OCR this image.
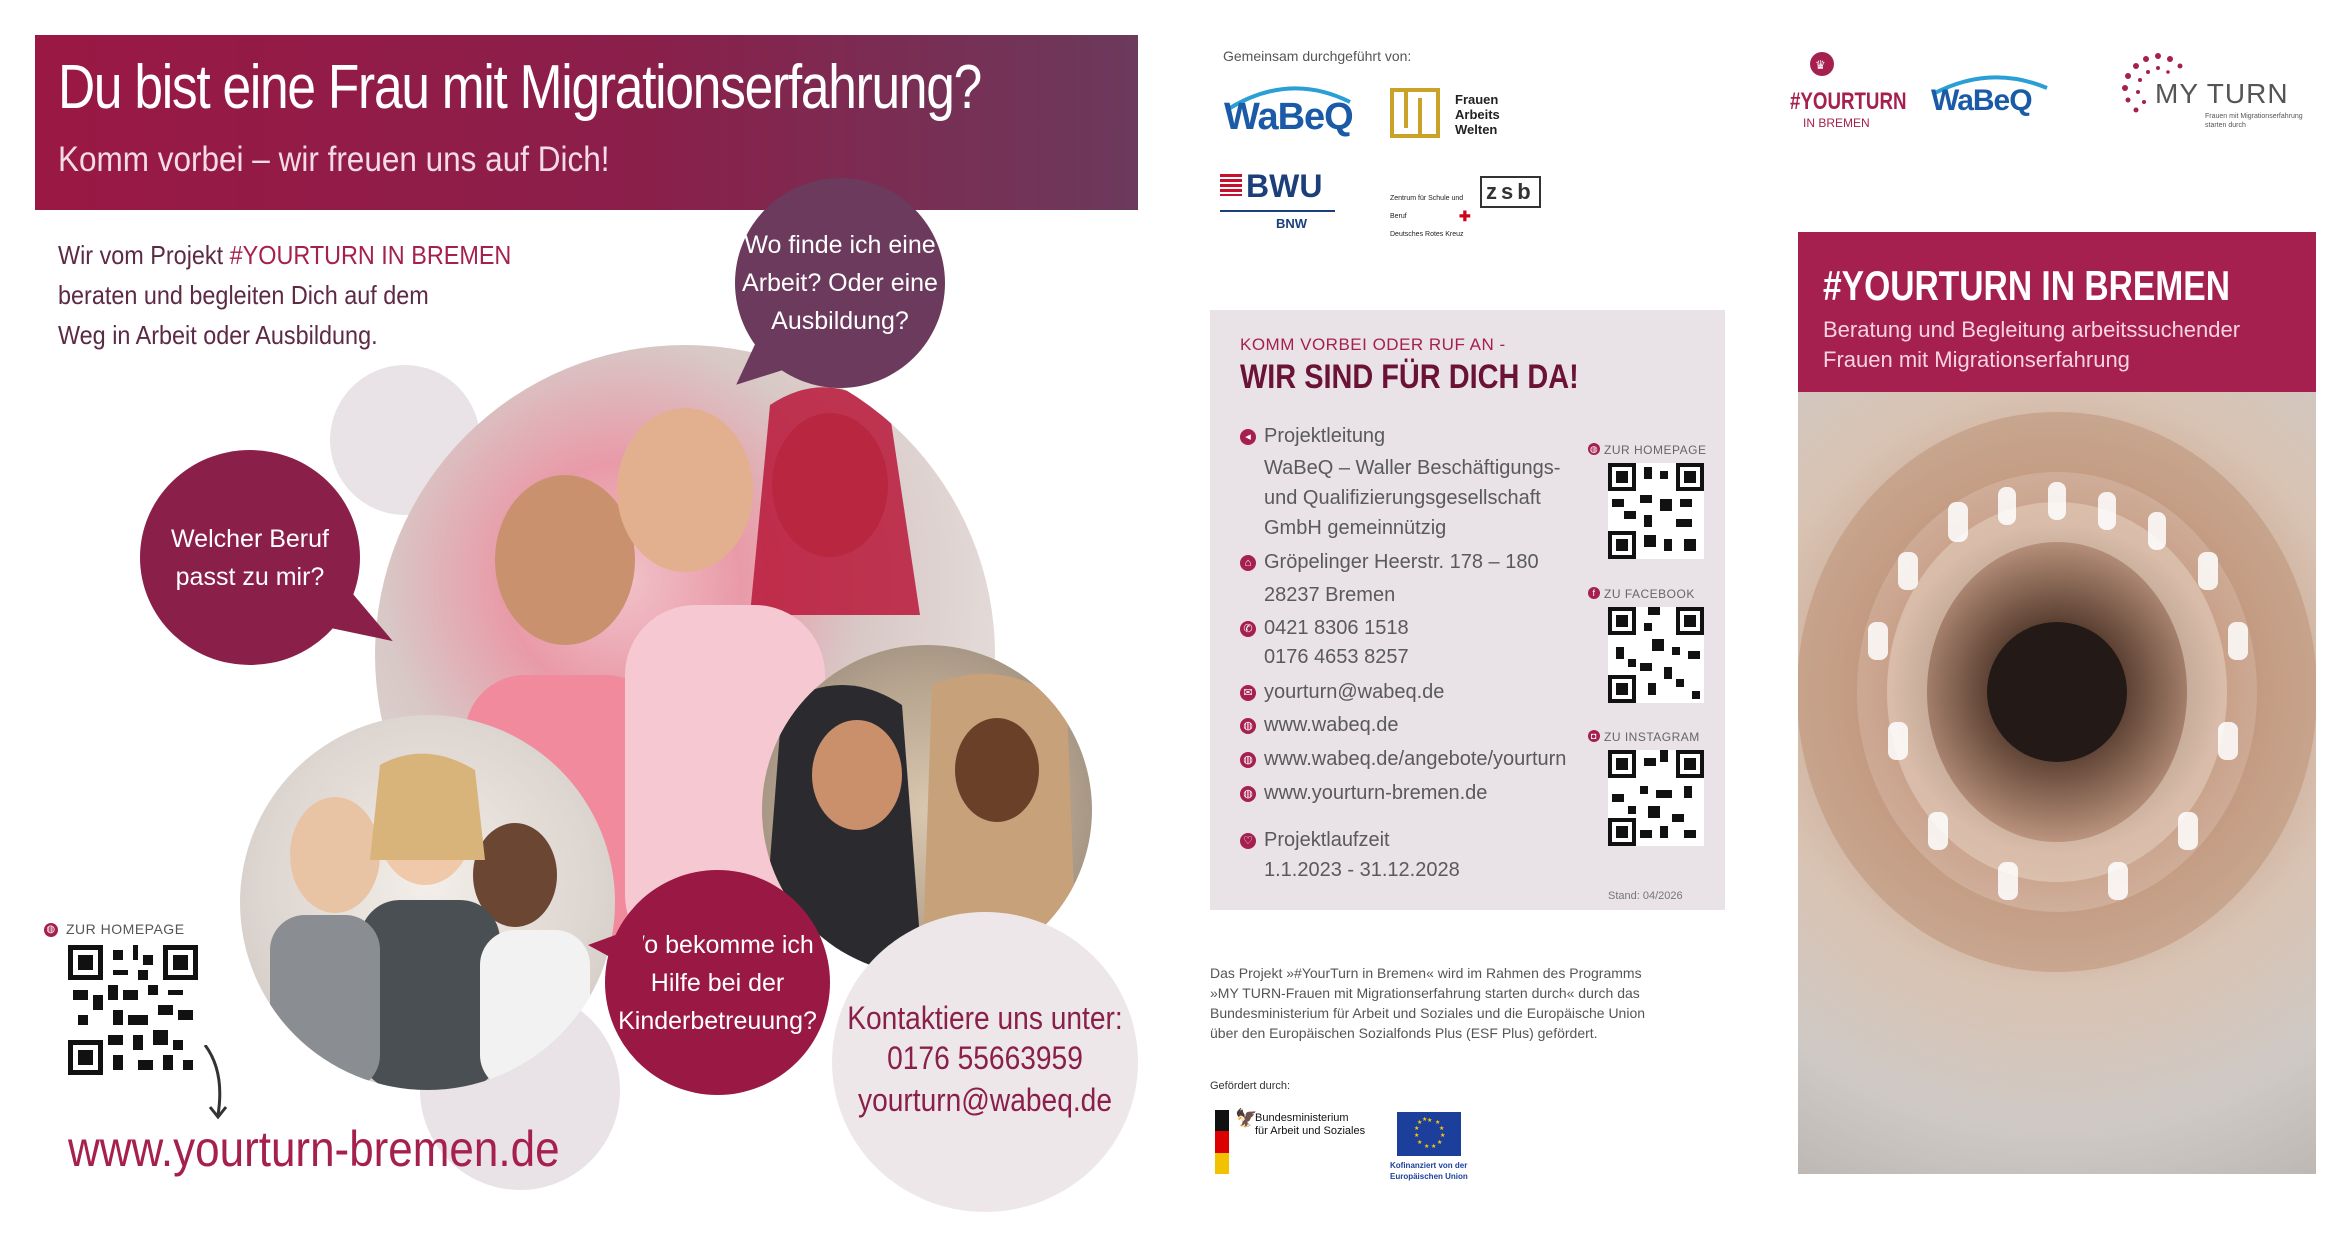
Du bist eine Frau mit Migrationserfahrung?
Komm vorbei – wir freuen uns auf Dich!
Wir vom Projekt #YOURTURN IN BREMEN
beraten und begleiten Dich auf dem
Weg in Arbeit oder Ausbildung.
Wo finde ich eine
Arbeit? Oder eine
Ausbildung?
Welcher Beruf
passt zu mir?
Wo bekomme ich
Hilfe bei der
Kinderbetreuung?
◍ ZUR HOMEPAGE
www.yourturn-bremen.de
Kontaktiere uns unter:
0176 55663959
yourturn@wabeq.de
Gemeinsam durchgeführt von:
WaBeQ	Frauen
Arbeits
Welten
BWU
BNW
Zentrum für Schule und Beruf
Deutsches Rotes Kreuz
zsb
✚
KOMM VORBEI ODER RUF AN -
WIR SIND FÜR DICH DA!
◂ Projektleitung
WaBeQ – Waller Beschäftigungs-
und Qualifizierungsgesellschaft
GmbH gemeinnützig
⌂ Gröpelinger Heerstr. 178 – 180
28237 Bremen
✆ 0421 8306 1518
0176 4653 8257
✉ yourturn@wabeq.de
◍ www.wabeq.de
◍ www.wabeq.de/angebote/yourturn
◍ www.yourturn-bremen.de
♡ Projektlaufzeit
1.1.2023 - 31.12.2028
Stand: 04/2026
◍ ZUR HOMEPAGE
f ZU FACEBOOK
◘ ZU INSTAGRAM
Das Projekt »#YourTurn in Bremen« wird im Rahmen des Programms »MY TURN-Frauen mit Migrationserfahrung starten durch« durch das Bundesministerium für Arbeit und Soziales und die Europäische Union über den Europäischen Sozialfonds Plus (ESF Plus) gefördert.
Gefördert durch:
🦅
Bundesministerium
für Arbeit und Soziales
★ ★
★
★
★
★
★
★
★
★
★ ★
Kofinanziert von der
Europäischen Union
♛
#YOURTURN
IN BREMEN
WaBeQ	MY TURN
Frauen mit Migrationserfahrung
starten durch
#YOURTURN IN BREMEN
Beratung und Begleitung arbeitssuchender
Frauen mit Migrationserfahrung
